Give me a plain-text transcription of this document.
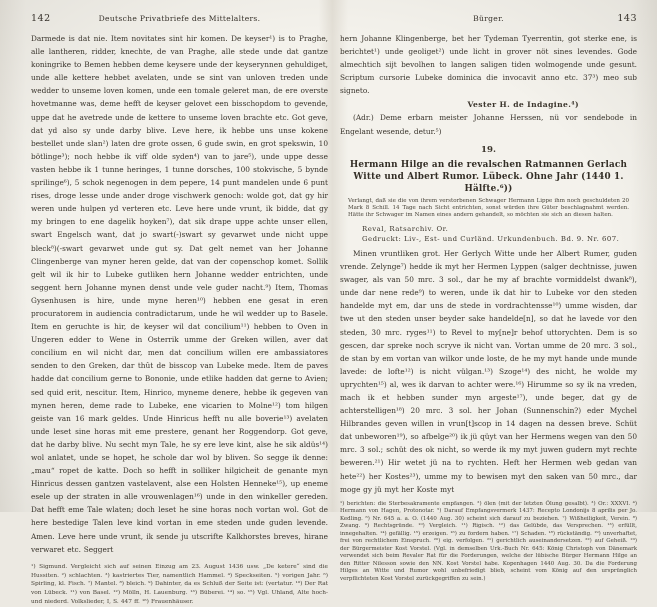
142	Deutsche Privatbriefe des Mittelalters.
Darmede is dat nie. Item novitates sint hir komen. De keyser¹) is to Praghe, alle lantheren, ridder, knechte, de van Praghe, alle stede unde dat gantze koningrike to Bemen hebben deme keysere unde der keyserynnen gehuldiget, unde alle kettere hebbet avelaten, unde se sint van unloven treden unde wedder to unseme loven komen, unde een tomale geleret man, de ere overste hovetmanne was, deme hefft de keyser gelovet een bisschopdom to gevende, uppe dat he avetrede unde de kettere to unseme loven brachte etc. Got geve, dat yd also sy unde darby blive. Leve here, ik hebbe uns unse kokene bestellet unde slan²) laten dre grote ossen, 6 gude swin, en grot spekswin, 10 bötlinge³); noch hebbe ik viff olde syden⁴) van to jare⁵), unde uppe desse vasten hebbe ik 1 tunne heringes, 1 tunne dorsches, 100 stokvische, 5 bynde sprilinge⁶), 5 schok negenogen in dem pepere, 14 punt mandelen unde 6 punt rises, droge lesse unde ander droge vischwerk genoch: wolde got, dat gy hir weren unde hulpen yd verteren etc. Leve here unde vrunt, ik bidde, dat gy my bringen to ene dagelik hoyken⁷), dat sik drape uppe achte unser ellen, swart Engelsch want, dat jo swart(-)swart sy gevarwet unde nicht uppe bleck⁸)(-swart gevarwet unde gut sy. Dat gelt nemet van her Johanne Clingenberge van myner heren gelde, dat van der copenschop komet. Sollik gelt wil ik hir to Lubeke gutliken hern Johanne wedder entrichten, unde seggent hern Johanne mynen denst unde vele guder nacht.⁹) Item, Thomas Gysenhusen is hire, unde myne heren¹⁰) hebben ene gesat in eren procuratorem in audiencia contradictarum, unde he wil wedder up to Basele. Item en geruchte is hir, de keyser wil dat concilium¹¹) hebben to Oven in Ungeren edder to Wene in Osterrik umme der Greken willen, aver dat concilium en wil nicht dar, men dat concilium willen ere ambassiatores senden to den Greken, dar thût de bisscop van Lubeke mede. Item de paves hadde dat concilium gerne to Bononie, unde etlike hadden dat gerne to Avien; sed quid erit, nescitur. Item, Hinrico, myneme denere, hebbe ik gegeven van mynen heren, deme rade to Lubeke, ene vicarien to Molne¹²) tom hilgen geiste van 16 mark geldes. Unde Hinricus hefft nu alle boverie¹³) avelaten unde leset sine horas mit eme prestere, genant her Roggendorp. Got geve, dat he darby blive. Nu secht myn Tale, he sy ere leve kint, alse he sik aldüs¹⁴) wol anlatet, unde se hopet, he schole dar wol by bliven. So segge ik denne: „mau“ ropet de katte. Doch so hefft in solliker hilgicheit de genante myn Hinricus dessen gantzen vastelavent, alse een Holsten Henneke¹⁵), up eneme esele up der straten in alle vrouwenlagen¹⁶) unde in den winkeller gereden. Dat hefft eme Tale wlaten; doch leset he sine horas noch vortan wol. Got de here bestedige Talen leve kind vortan in eme steden unde guden levende. Amen. Leve here unde vrunt, ik sende ju utscrifte Kalkhorstes breves, hirane verwaret etc. Seggert
¹) Sigmund. Vergleicht sich auf seinen Einzug am 23. August 1436 usw. „De ketere“ sind die Hussiten. ²) schlachten. ³) kastriertes Tier, namentlich Hammel. ⁴) Speckseiten. ⁵) vorigen Jahr. ⁶) Spirling, kl. Fisch. ⁷) Mantel. ⁸) bleich. ⁹) Dahinter, da es Schluß der Seite ist: (vertatur. ¹⁰) Der Rat von Lübeck. ¹¹) von Basel. ¹²) Mölln, H. Lauenburg. ¹³) Büberei. ¹⁴) so. ¹⁵) Vgl. Uhland, Alte hoch- und niederd. Volkslieder, I, S. 447 ff. ¹⁶) Frauenhäuser.
Bürger.	143
hern Johanne Klingenberge, bet her Tydeman Tyerrentin, got sterke ene, is berichtet¹) unde geoliget²) unde licht in grover nöt sines levendes. Gode almechtich sijt bevolhen to langen saligen tiden wolmogende unde gesunt. Scriptum cursorie Lubeke dominica die invocavit anno etc. 37³) meo sub signeto.
Vester H. de Indagine.⁴)
(Adr.) Deme erbarn meister Johanne Herssen, nü vor sendebode in Engelant wesende, detur.⁵)
19.
Hermann Hilge an die revalschen Ratmannen Gerlach Witte und Albert Rumor. Lübeck. Ohne Jahr (1440 1. Hälfte.⁶))
Verlangt, daß sie die von ihrem verstorbenen Schwager Hermann Lippe ihm noch geschuldeten 20 Mark 8 Schill. 14 Tage nach Sicht entrichten, sonst würden ihre Güter beschlagnahmt werden. Hätte ihr Schwager im Namen eines andern gehandelt, so möchten sie sich an diesen halten.
Reval, Ratsarchiv. Or.
Gedruckt: Liv-, Est- und Curländ. Urkundenbuch. Bd. 9. Nr. 607.
Minen vruntliken grot. Her Gerlych Witte unde her Albert Rumer, guden vrende. Zelynge⁷) hedde ik myt her Hermen Lyppen (salger dechtnisse, juwen swager, als van 50 mrc. 3 sol., dar he my af brachte vormiddelst dwank⁸), unde dar nene rede⁹) to weren, unde ik dat hir to Lubeke vor den steden handelde myt em, dar uns de stede in vordrachtensse¹⁰) umme wisden, dar twe ut den steden unser beyder sake handelde[n], so dat he lavede vor den steden, 30 mrc. ryges¹¹) to Revel to my[ne]r behof uttorychten. Dem is so gescen, dar spreke noch scryve ik nicht van. Vortan umme de 20 mrc. 3 sol., de stan by em vortan van wilkor unde loste, de he my myt hande unde munde lavede: de lofte¹²) is nicht vülgan.¹³) Szoge¹⁴) des nicht, he wolde my uprychten¹⁵) al, wes ik darvan to achter were.¹⁶) Hirumme so sy ik na vreden, mach ik et hebben sunder myn argeste¹⁷), unde beger, dat gy de achterstelligen¹⁸) 20 mrc. 3 sol. her Johan (Sunnenschin?) eder Mychel Hilbrandes geven willen in vrun[t]scop in 14 dagen na dessen breve. Schüt dat unbeworen¹⁹), so afbelge²⁰) ik jü qüyt van her Hermens wegen van den 50 mrc. 3 sol.; schüt des ok nicht, so werde ik my myt juwen gudern myt rechte beweren.²¹) Hir wetet jü na to rychten. Heft her Hermen web gedan van hete²²) her Kostes²³), umme my to bewisen myt den saken van 50 mrc., dar moge gy jü myt her Koste myt
¹) berichten: die Sterbesakramente empfangen. ²) ölen (mit der letzten Ölung gesalbt). ³) Or.: XXXVI. ⁴) Hermann von Hagen, Protonotar. ⁵) Darauf Empfangsvermerk 1437: Recepto Londonijs 8 aprilis per Jo. Kedling. ⁶) Nr. 645 a. a. O. (1440 Aug. 30) scheint sich darauf zu beziehen. ⁷) Wißheiligkeit, Verein. ⁸) Zwang. ⁹) Rechtsgründe. ¹⁰) Vergleich. ¹¹) Rigisch. ¹²) das Gelübde, das Versprechen. ¹³) erfüllt, innegehalten. ¹⁴) gefällig. ¹⁵) erzeigen. ¹⁶) zu fordern haben. ¹⁷) Schaden. ¹⁸) rückständig. ¹⁹) unverhaftet, frei von rechtlichem Einspruch. ²⁰) eig. verfolgen. ²¹) gerichtlich auseinandersetzen. ²²) auf Geheiß. ²³) der Bürgermeister Kost Vorstel. (Vgl. in demselben Urk.-Buch Nr. 645: König Christoph von Dänemark verwendet sich beim Revaler Rat für die Forderungen, welche der lübische Bürger Hermann Hilge an den Ritter Nilesson sowie den NN. Kost Vorstel habe. Kopenhagen 1440 Aug. 30. Da die Forderung Hilges an Witte und Rumor wohl unbefriedigt blieb, scheint vom König auf den ursprünglich verpflichteten Kost Vorstel zurückgegriffen zu sein.)
